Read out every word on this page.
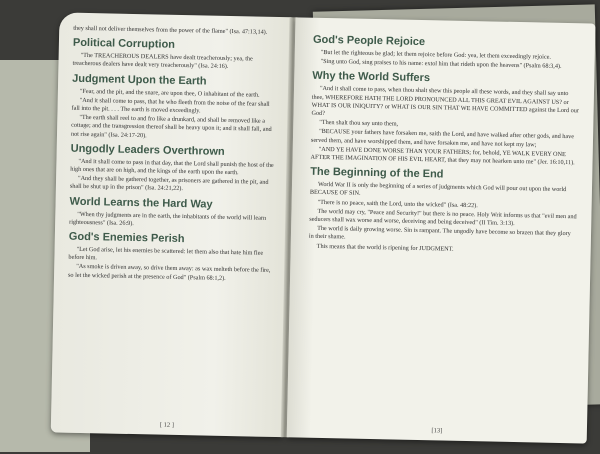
they shall not deliver themselves from the power of the flame" (Isa. 47:13,14).

Political Corruption

"The TREACHEROUS DEALERS have dealt treacherously; yea, the treacherous dealers have dealt very treacherously" (Isa. 24:16).

Judgment Upon the Earth

"Fear, and the pit, and the snare, are upon thee, O inhabitant of the earth.

"And it shall come to pass, that he who fleeth from the noise of the fear shall fall into the pit. . . . The earth is moved exceedingly.

"The earth shall reel to and fro like a drunkard, and shall be removed like a cottage; and the transgression thereof shall be heavy upon it; and it shall fall, and not rise again" (Isa. 24:17-20).

Ungodly Leaders Overthrown

"And it shall come to pass in that day, that the Lord shall punish the host of the high ones that are on high, and the kings of the earth upon the earth.

"And they shall be gathered together, as prisoners are gathered in the pit, and shall be shut up in the prison" (Isa. 24:21,22).

World Learns the Hard Way

"When thy judgments are in the earth, the inhabitants of the world will learn righteousness" (Isa. 26:9).

God's Enemies Perish

"Let God arise, let his enemies be scattered: let them also that hate him flee before him.

"As smoke is driven away, so drive them away: as wax melteth before the fire, so let the wicked perish at the presence of God" (Psalm 68:1,2).

[ 12 ]
God's People Rejoice

"But let the righteous be glad; let them rejoice before God: yea, let them exceedingly rejoice.

"Sing unto God, sing praises to his name: extol him that rideth upon the heavens" (Psalm 68:3,4).

Why the World Suffers

"And it shall come to pass, when thou shalt shew this people all these words, and they shall say unto thee, WHEREFORE HATH THE LORD PRONOUNCED ALL THIS GREAT EVIL AGAINST US? or WHAT IS OUR INIQUITY? or WHAT IS OUR SIN THAT WE HAVE COMMITTED against the Lord our God?

"Then shalt thou say unto them,

"BECAUSE your fathers have forsaken me, saith the Lord, and have walked after other gods, and have served them, and have worshipped them, and have forsaken me, and have not kept my law;

"AND YE HAVE DONE WORSE THAN YOUR FATHERS; for, behold, YE WALK EVERY ONE AFTER THE IMAGINATION OF HIS EVIL HEART, that they may not hearken unto me" (Jer. 16:10,11).

The Beginning of the End

World War II is only the beginning of a series of judgments which God will pour out upon the world BECAUSE OF SIN.

"There is no peace, saith the Lord, unto the wicked" (Isa. 48:22).

The world may cry, "Peace and Security!" but there is no peace. Holy Writ informs us that "evil men and seducers shall wax worse and worse, deceiving and being deceived" (II Tim. 3:13).

The world is daily growing worse. Sin is rampant. The ungodly have become so brazen that they glory in their shame.

This means that the world is ripening for JUDGMENT.

[13]
